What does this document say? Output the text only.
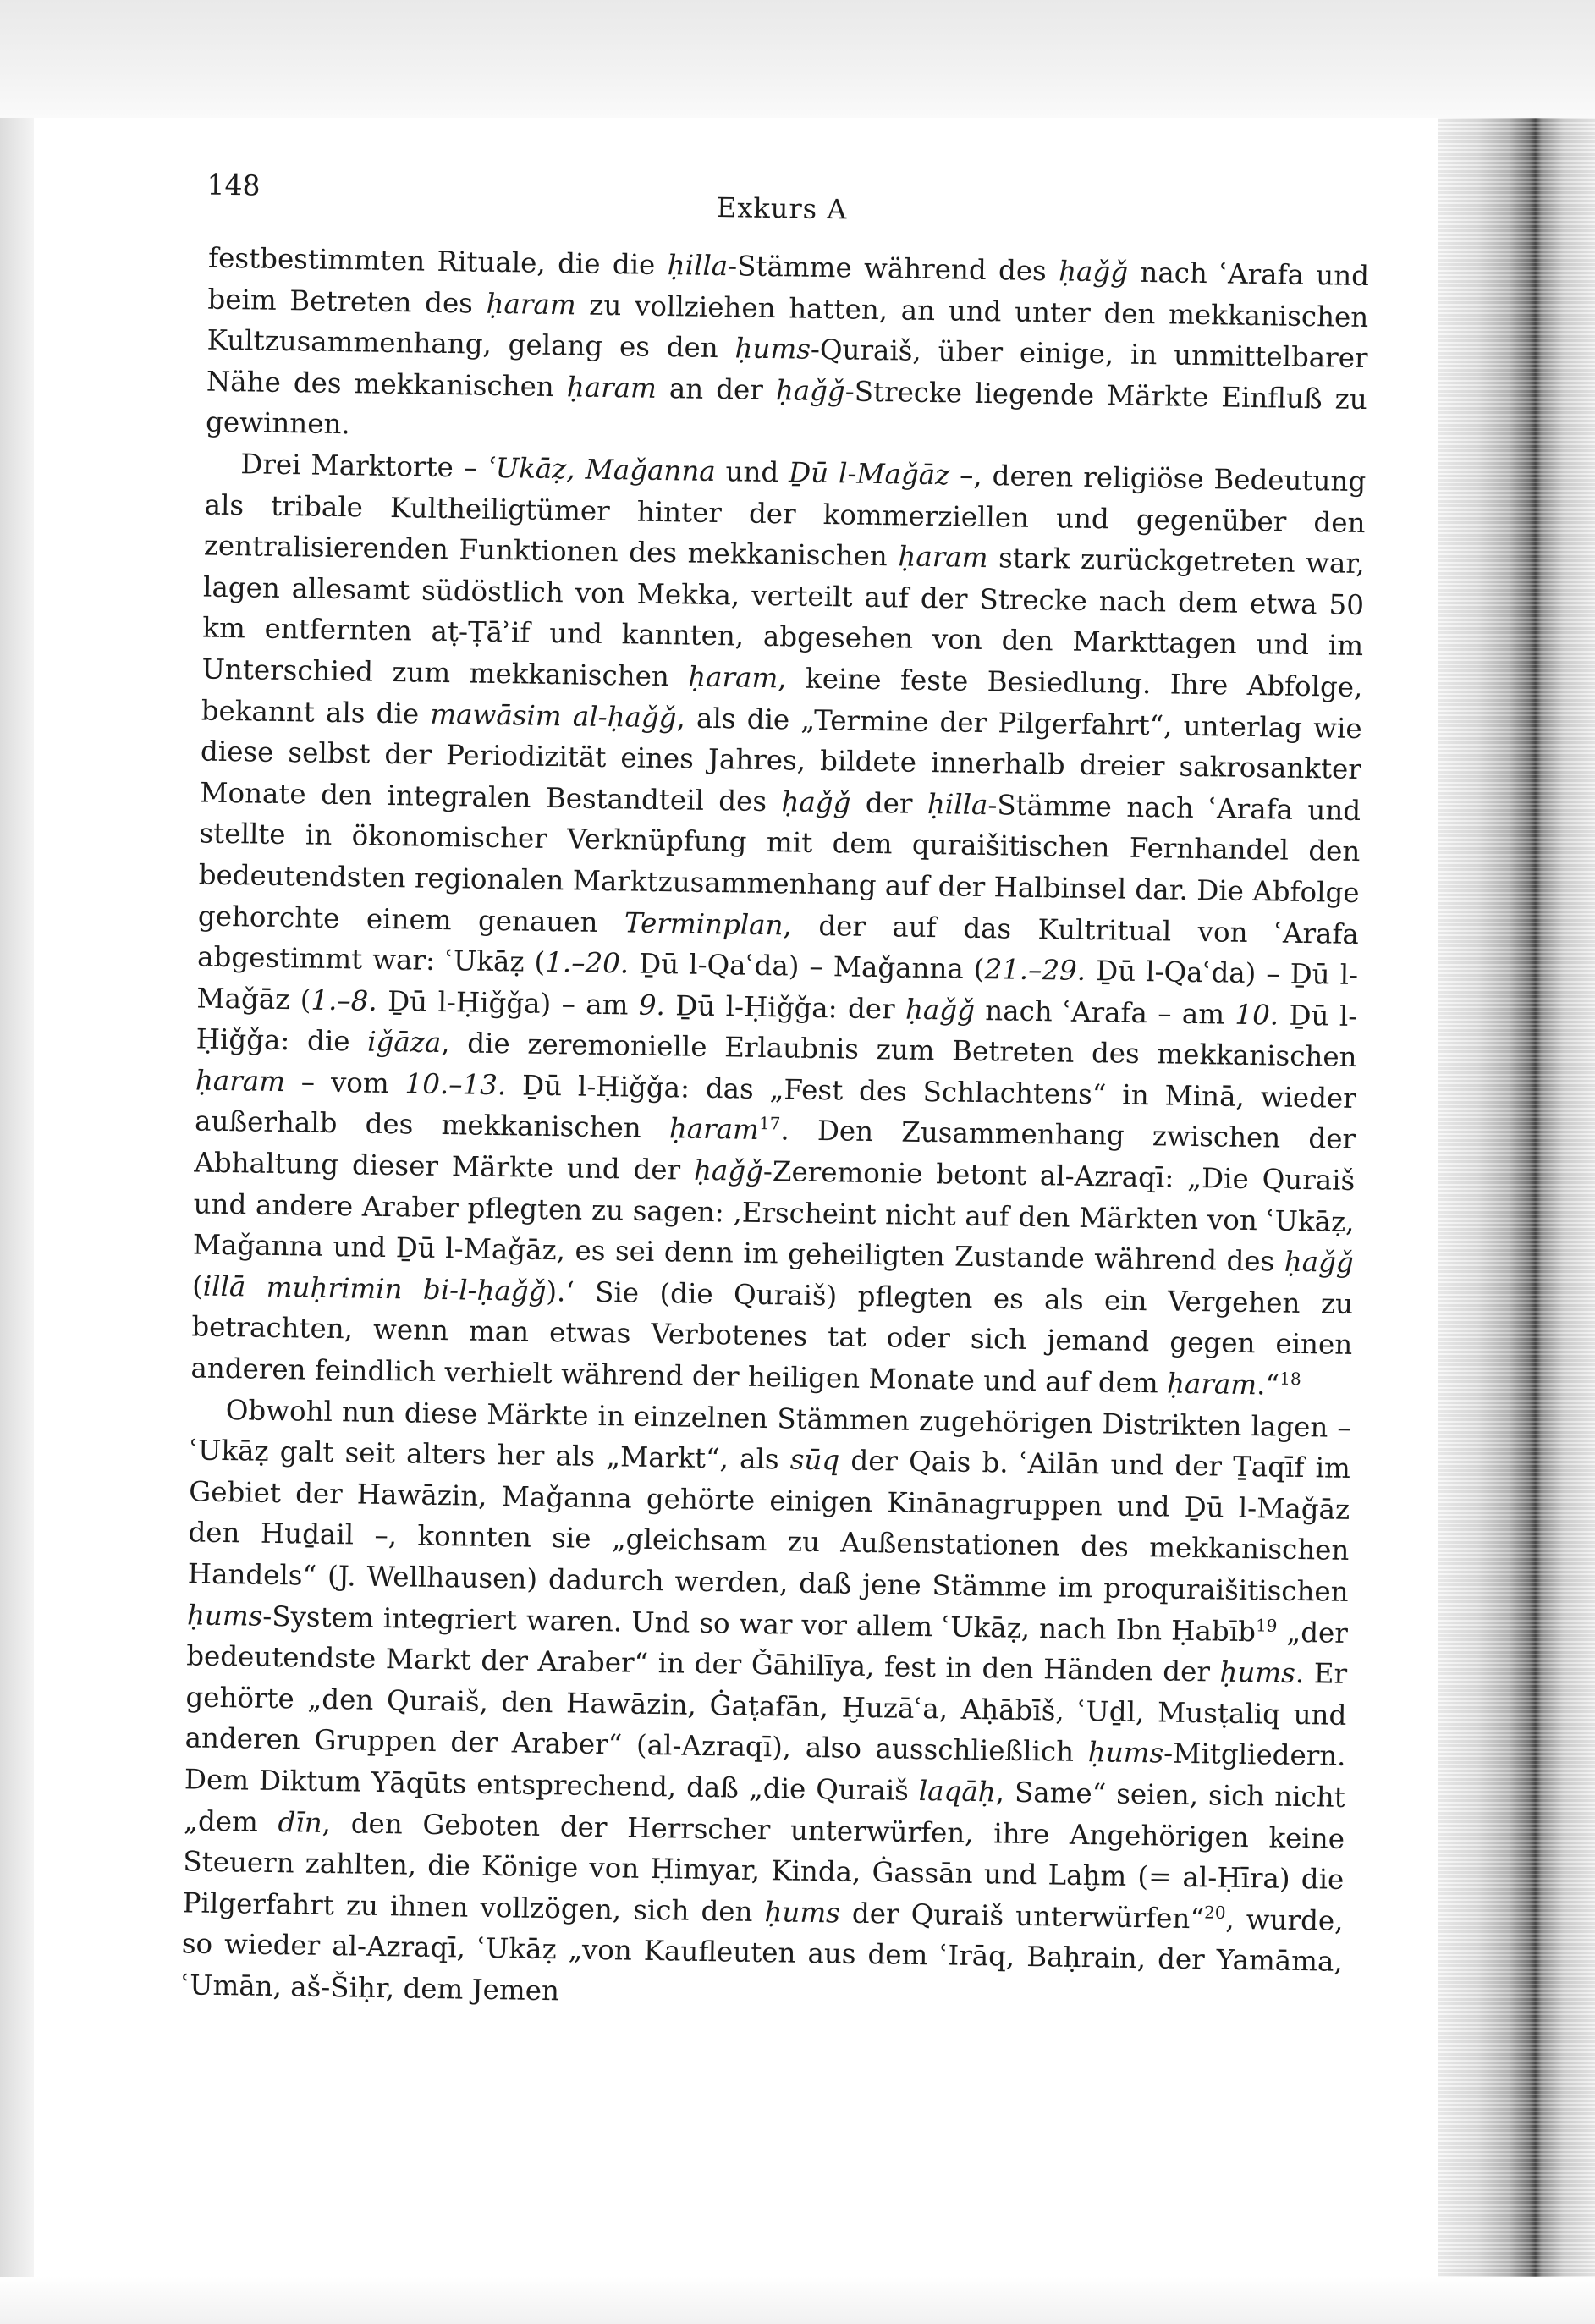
148
Exkurs A

festbestimmten Rituale, die die ḥilla-Stämme während des ḥaǧǧ nach ʿArafa und beim Betreten des ḥaram zu vollziehen hatten, an und unter den mekkanischen Kultzusammenhang, gelang es den ḥums-Quraiš, über einige, in unmittelbarer Nähe des mekkanischen ḥaram an der ḥaǧǧ-Strecke liegende Märkte Einfluß zu gewinnen.

Drei Marktorte – ʿUkāẓ, Maǧanna und Ḏū l-Maǧāz –, deren religiöse Bedeutung als tribale Kultheiligtümer hinter der kommerziellen und gegenüber den zentralisierenden Funktionen des mekkanischen ḥaram stark zurückgetreten war, lagen allesamt südöstlich von Mekka, verteilt auf der Strecke nach dem etwa 50 km entfernten aṭ-Ṭāʾif und kannten, abgesehen von den Markttagen und im Unterschied zum mekkanischen ḥaram, keine feste Besiedlung. Ihre Abfolge, bekannt als die mawāsim al-ḥaǧǧ, als die „Termine der Pilgerfahrt“, unterlag wie diese selbst der Periodizität eines Jahres, bildete innerhalb dreier sakrosankter Monate den integralen Bestandteil des ḥaǧǧ der ḥilla-Stämme nach ʿArafa und stellte in ökonomischer Verknüpfung mit dem quraišitischen Fernhandel den bedeutendsten regionalen Marktzusammenhang auf der Halbinsel dar. Die Abfolge gehorchte einem genauen Terminplan, der auf das Kultritual von ʿArafa abgestimmt war: ʿUkāẓ (1.–20. Ḏū l-Qaʿda) – Maǧanna (21.–29. Ḏū l-Qaʿda) – Ḏū l-Maǧāz (1.–8. Ḏū l-Ḥiǧǧa) – am 9. Ḏū l-Ḥiǧǧa: der ḥaǧǧ nach ʿArafa – am 10. Ḏū l-Ḥiǧǧa: die iǧāza, die zeremonielle Erlaubnis zum Betreten des mekkanischen ḥaram – vom 10.–13. Ḏū l-Ḥiǧǧa: das „Fest des Schlachtens“ in Minā, wieder außerhalb des mekkanischen ḥaram$^{17}$. Den Zusammenhang zwischen der Abhaltung dieser Märkte und der ḥaǧǧ-Zeremonie betont al-Azraqī: „Die Quraiš und andere Araber pflegten zu sagen: ‚Erscheint nicht auf den Märkten von ʿUkāẓ, Maǧanna und Ḏū l-Maǧāz, es sei denn im geheiligten Zustande während des ḥaǧǧ (illā muḥrimin bi-l-ḥaǧǧ).‘ Sie (die Quraiš) pflegten es als ein Vergehen zu betrachten, wenn man etwas Verbotenes tat oder sich jemand gegen einen anderen feindlich verhielt während der heiligen Monate und auf dem ḥaram.“$^{18}$

Obwohl nun diese Märkte in einzelnen Stämmen zugehörigen Distrikten lagen – ʿUkāẓ galt seit alters her als „Markt“, als sūq der Qais b. ʿAilān und der Ṯaqīf im Gebiet der Hawāzin, Maǧanna gehörte einigen Kinānagruppen und Ḏū l-Maǧāz den Huḏail –, konnten sie „gleichsam zu Außenstationen des mekkanischen Handels“ (J. Wellhausen) dadurch werden, daß jene Stämme im proquraišitischen ḥums-System integriert waren. Und so war vor allem ʿUkāẓ, nach Ibn Ḥabīb$^{19}$ „der bedeutendste Markt der Araber“ in der Ǧāhilīya, fest in den Händen der ḥums. Er gehörte „den Quraiš, den Hawāzin, Ġaṭafān, Ḫuzāʿa, Aḥābīš, ʿUḏl, Musṭaliq und anderen Gruppen der Araber“ (al-Azraqī), also ausschließlich ḥums-Mitgliedern. Dem Diktum Yāqūts entsprechend, daß „die Quraiš laqāḥ, Same“ seien, sich nicht „dem dīn, den Geboten der Herrscher unterwürfen, ihre Angehörigen keine Steuern zahlten, die Könige von Ḥimyar, Kinda, Ġassān und Laḫm (= al-Ḥīra) die Pilgerfahrt zu ihnen vollzögen, sich den ḥums der Quraiš unterwürfen“$^{20}$, wurde, so wieder al-Azraqī, ʿUkāẓ „von Kaufleuten aus dem ʿIrāq, Baḥrain, der Yamāma, ʿUmān, aš-Šiḥr, dem Jemen
